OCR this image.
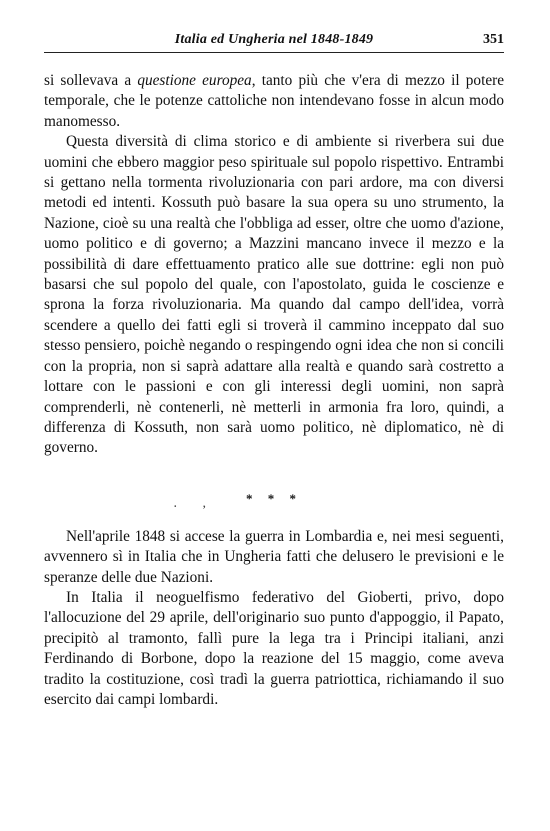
Italia ed Ungheria nel 1848-1849	351

si sollevava a questione europea, tanto più che v'era di mezzo il potere temporale, che le potenze cattoliche non intendevano fosse in alcun modo manomesso.

Questa diversità di clima storico e di ambiente si riverbera sui due uomini che ebbero maggior peso spirituale sul popolo rispettivo. Entrambi si gettano nella tormenta rivoluzionaria con pari ardore, ma con diversi metodi ed intenti. Kossuth può basare la sua opera su uno strumento, la Nazione, cioè su una realtà che l'obbliga ad esser, oltre che uomo d'azione, uomo politico e di governo; a Mazzini mancano invece il mezzo e la possibilità di dare effettuamento pratico alle sue dottrine: egli non può basarsi che sul popolo del quale, con l'apostolato, guida le coscienze e sprona la forza rivoluzionaria. Ma quando dal campo dell'idea, vorrà scendere a quello dei fatti egli si troverà il cammino inceppato dal suo stesso pensiero, poichè negando o respingendo ogni idea che non si concili con la propria, non si saprà adattare alla realtà e quando sarà costretto a lottare con le passioni e con gli interessi degli uomini, non saprà comprenderli, nè contenerli, nè metterli in armonia fra loro, quindi, a differenza di Kossuth, non sarà uomo politico, nè diplomatico, nè di governo.

. ,	* * *

Nell'aprile 1848 si accese la guerra in Lombardia e, nei mesi seguenti, avvennero sì in Italia che in Ungheria fatti che delusero le previsioni e le speranze delle due Nazioni.

In Italia il neoguelfismo federativo del Gioberti, privo, dopo l'allocuzione del 29 aprile, dell'originario suo punto d'appoggio, il Papato, precipitò al tramonto, fallì pure la lega tra i Principi italiani, anzi Ferdinando di Borbone, dopo la reazione del 15 maggio, come aveva tradito la costituzione, così tradì la guerra patriottica, richiamando il suo esercito dai campi lombardi.
